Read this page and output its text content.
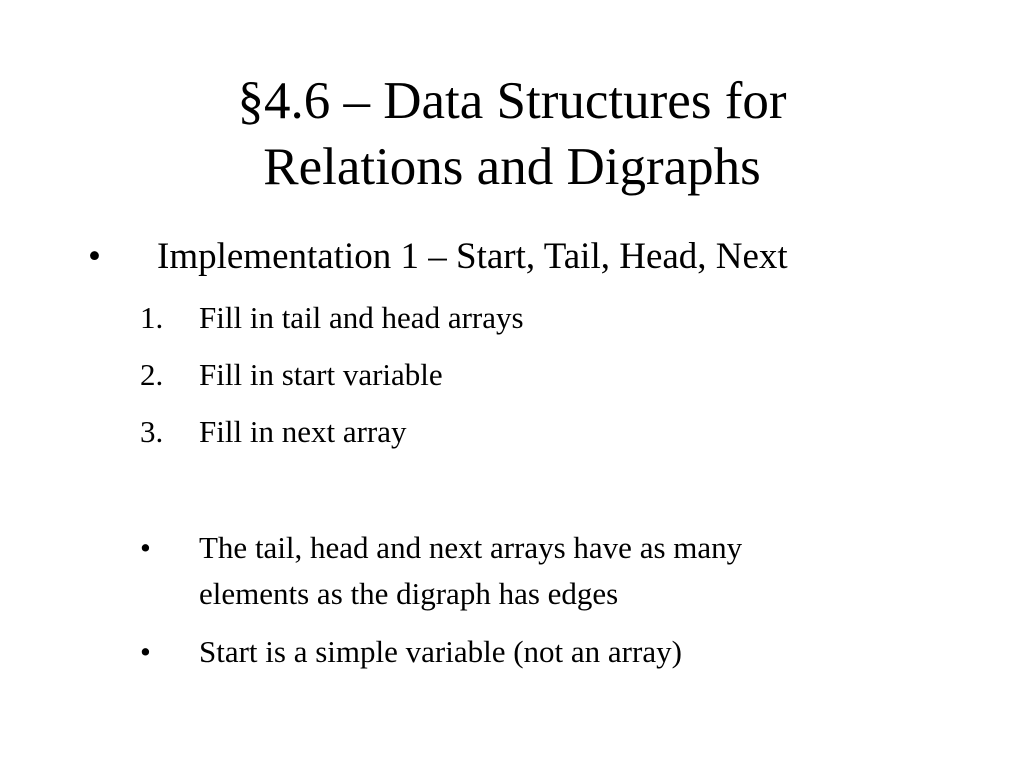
§4.6 – Data Structures for
Relations and Digraphs
• Implementation 1 – Start, Tail, Head, Next
1. Fill in tail and head arrays
2. Fill in start variable
3. Fill in next array
• The tail, head and next arrays have as many
elements as the digraph has edges
• Start is a simple variable (not an array)
